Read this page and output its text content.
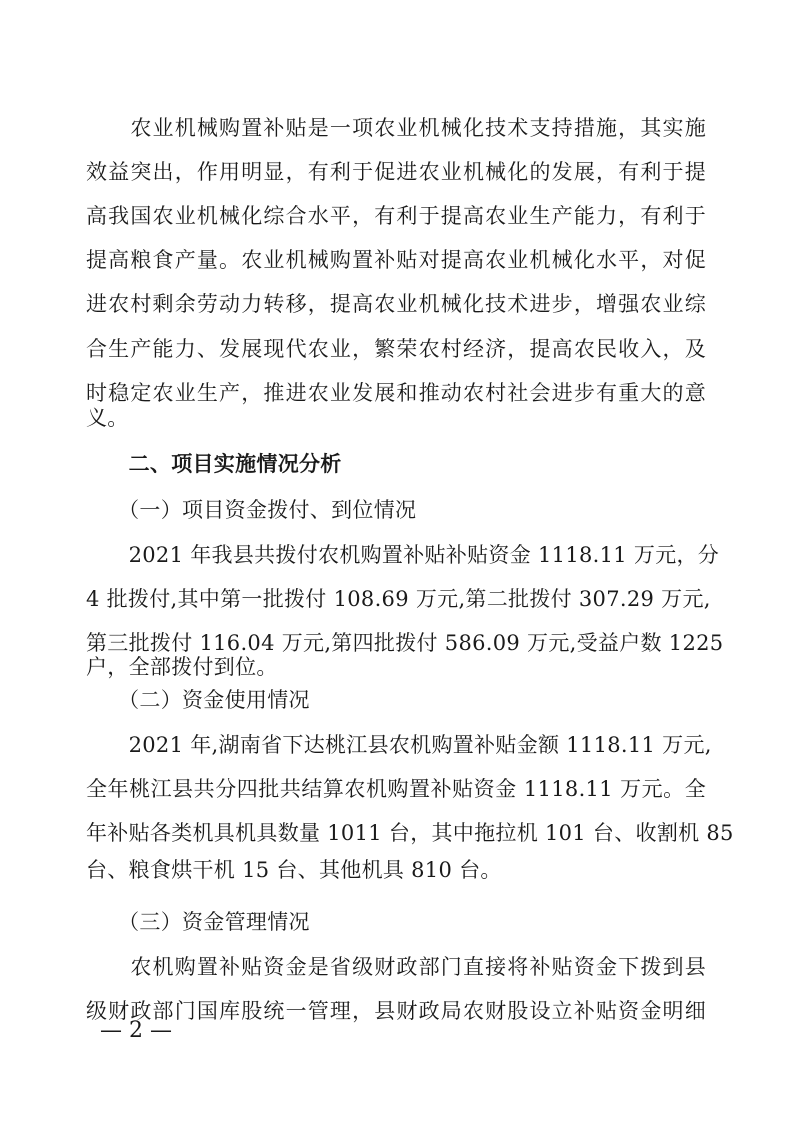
　　农业机械购置补贴是一项农业机械化技术支持措施，其实施
效益突出，作用明显，有利于促进农业机械化的发展，有利于提
高我国农业机械化综合水平，有利于提高农业生产能力，有利于
提高粮食产量。农业机械购置补贴对提高农业机械化水平，对促
进农村剩余劳动力转移，提高农业机械化技术进步，增强农业综
合生产能力、发展现代农业，繁荣农村经济，提高农民收入，及
时稳定农业生产，推进农业发展和推动农村社会进步有重大的意
义。
　　二、项目实施情况分析
　　（一）项目资金拨付、到位情况
　　2021 年我县共拨付农机购置补贴补贴资金 1118.11 万元，分
4 批拨付,其中第一批拨付 108.69 万元,第二批拨付 307.29 万元,
第三批拨付 116.04 万元,第四批拨付 586.09 万元,受益户数 1225
户，全部拨付到位。
　　（二）资金使用情况
　　2021 年,湖南省下达桃江县农机购置补贴金额 1118.11 万元,
全年桃江县共分四批共结算农机购置补贴资金 1118.11 万元。全
年补贴各类机具机具数量 1011 台，其中拖拉机 101 台、收割机 85
台、粮食烘干机 15 台、其他机具 810 台。
　　（三）资金管理情况
　　农机购置补贴资金是省级财政部门直接将补贴资金下拨到县
级财政部门国库股统一管理，县财政局农财股设立补贴资金明细
— 2 —
